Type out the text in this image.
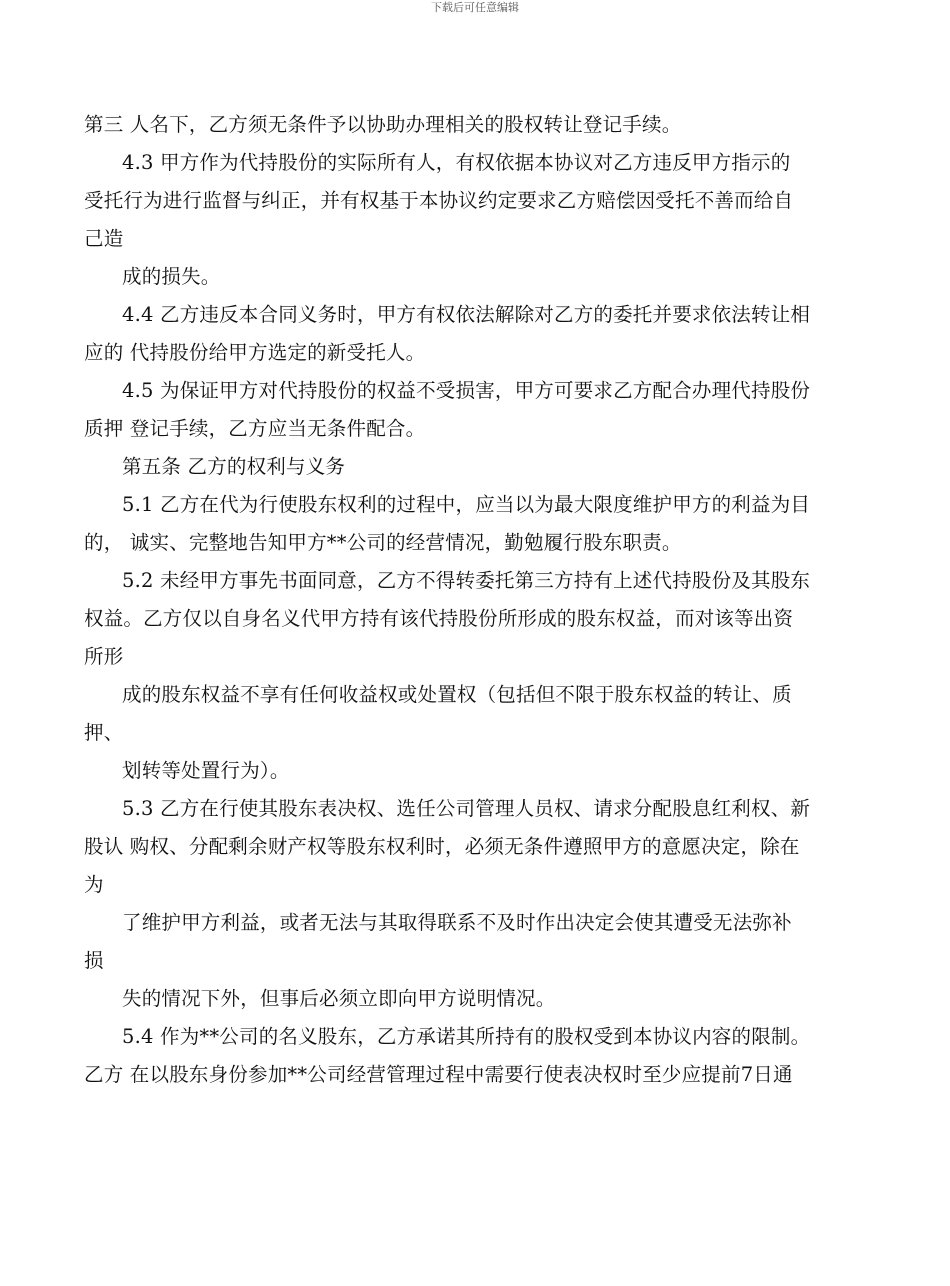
下载后可任意编辑
第三 人名下，乙方须无条件予以协助办理相关的股权转让登记手续。
4.3 甲方作为代持股份的实际所有人，有权依据本协议对乙方违反甲方指示的
受托行为进行监督与纠正，并有权基于本协议约定要求乙方赔偿因受托不善而给自
己造
成的损失。
4.4 乙方违反本合同义务时，甲方有权依法解除对乙方的委托并要求依法转让相
应的 代持股份给甲方选定的新受托人。
4.5 为保证甲方对代持股份的权益不受损害，甲方可要求乙方配合办理代持股份
质押 登记手续，乙方应当无条件配合。
第五条 乙方的权利与义务
5.1 乙方在代为行使股东权利的过程中，应当以为最大限度维护甲方的利益为目
的， 诚实、完整地告知甲方**公司的经营情况，勤勉履行股东职责。
5.2 未经甲方事先书面同意，乙方不得转委托第三方持有上述代持股份及其股东
权益。乙方仅以自身名义代甲方持有该代持股份所形成的股东权益，而对该等出资
所形
成的股东权益不享有任何收益权或处置权（包括但不限于股东权益的转让、质
押、
划转等处置行为）。
5.3 乙方在行使其股东表决权、选任公司管理人员权、请求分配股息红利权、新
股认 购权、分配剩余财产权等股东权利时，必须无条件遵照甲方的意愿决定，除在
为
了维护甲方利益，或者无法与其取得联系不及时作出决定会使其遭受无法弥补
损
失的情况下外，但事后必须立即向甲方说明情况。
5.4 作为**公司的名义股东，乙方承诺其所持有的股权受到本协议内容的限制。
乙方 在以股东身份参加**公司经营管理过程中需要行使表决权时至少应提前7日通
